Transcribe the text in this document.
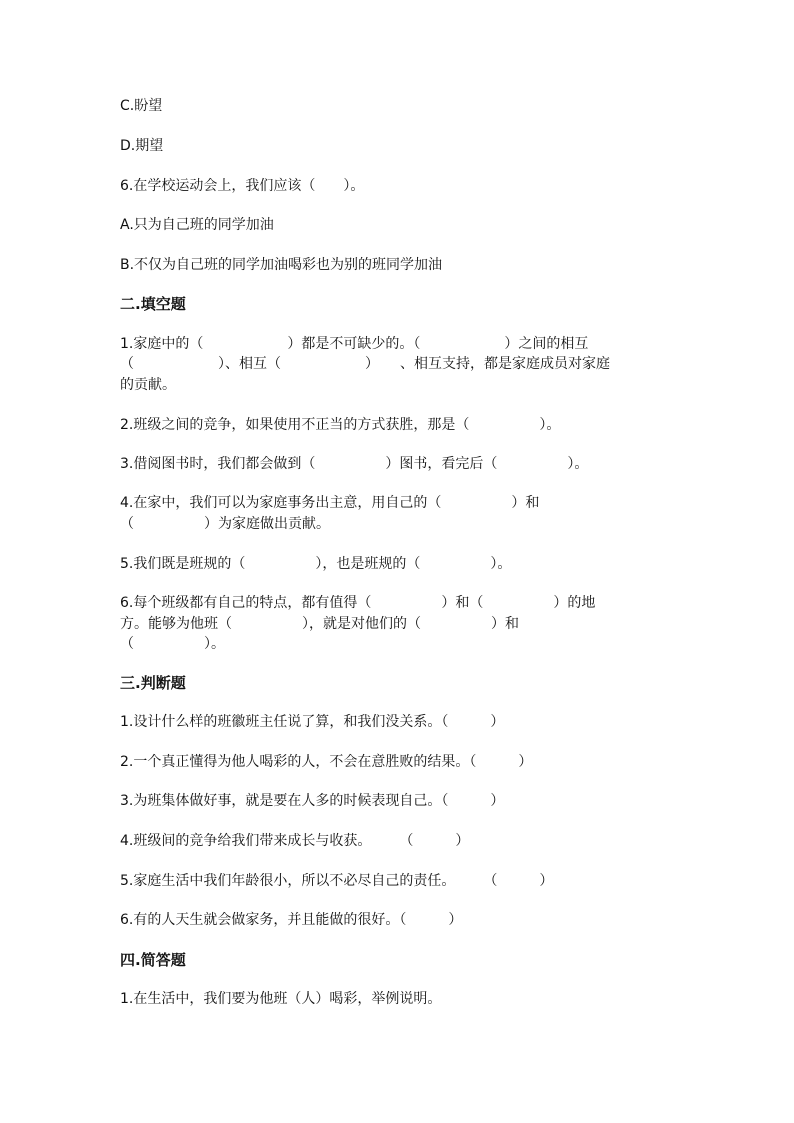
C.盼望
D.期望
6.在学校运动会上，我们应该（　　）。
A.只为自己班的同学加油
B.不仅为自己班的同学加油喝彩也为别的班同学加油
二.填空题
1.家庭中的（　　　　　　）都是不可缺少的。（　　　　　　）之间的相互
（　　　　　　）、相互（　　　　　　）　　、相互支持，都是家庭成员对家庭
的贡献。
2.班级之间的竞争，如果使用不正当的方式获胜，那是（　　　　　）。
3.借阅图书时，我们都会做到（　　　　　）图书，看完后（　　　　　）。
4.在家中，我们可以为家庭事务出主意，用自己的（　　　　　）和
（　　　　　）为家庭做出贡献。
5.我们既是班规的（　　　　　），也是班规的（　　　　　）。
6.每个班级都有自己的特点，都有值得（　　　　　）和（　　　　　）的地
方。能够为他班（　　　　　），就是对他们的（　　　　　）和
（　　　　　）。
三.判断题
1.设计什么样的班徽班主任说了算，和我们没关系。（　　　）
2.一个真正懂得为他人喝彩的人，不会在意胜败的结果。（　　　）
3.为班集体做好事，就是要在人多的时候表现自己。（　　　）
4.班级间的竞争给我们带来成长与收获。　　　（　　　）
5.家庭生活中我们年龄很小，所以不必尽自己的责任。　　　（　　　）
6.有的人天生就会做家务，并且能做的很好。（　　　）
四.简答题
1.在生活中，我们要为他班（人）喝彩，举例说明。
